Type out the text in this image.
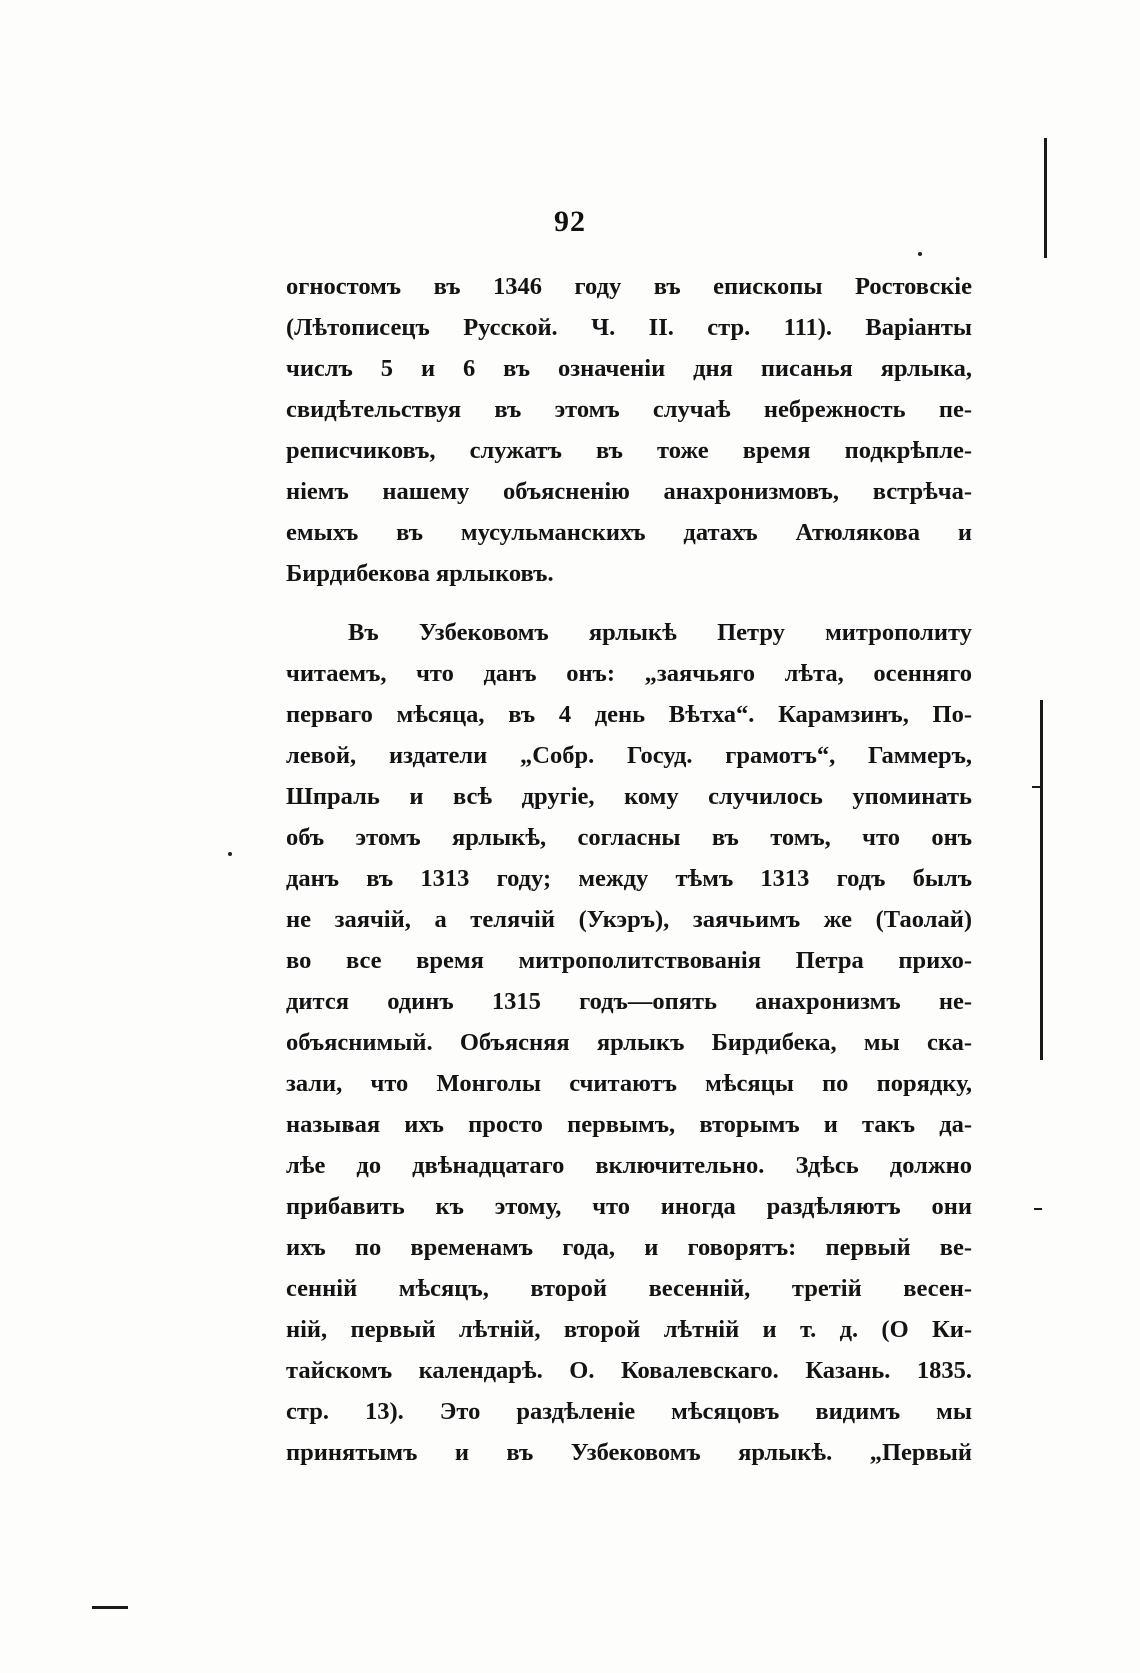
92
огностомъ въ 1346 году въ епископы Ростовскіе
(Лѣтописецъ Русской. Ч. II. стр. 111). Варіанты
числъ 5 и 6 въ означеніи дня писанья ярлыка,
свидѣтельствуя въ этомъ случаѣ небрежность пе-
реписчиковъ, служатъ въ тоже время подкрѣпле-
ніемъ нашему объясненію анахронизмовъ, встрѣча-
емыхъ въ мусульманскихъ датахъ Атюлякова и
Бирдибекова ярлыковъ.
Въ Узбековомъ ярлыкѣ Петру митрополиту
читаемъ, что данъ онъ: „заячьяго лѣта, осенняго
перваго мѣсяца, въ 4 день Вѣтха“. Карамзинъ, По-
левой, издатели „Собр. Госуд. грамотъ“, Гаммеръ,
Шпраль и всѣ другіе, кому случилось упоминать
объ этомъ ярлыкѣ, согласны въ томъ, что онъ
данъ въ 1313 году; между тѣмъ 1313 годъ былъ
не заячій, а телячій (Укэръ), заячьимъ же (Таолай)
во все время митрополитствованія Петра прихо-
дится одинъ 1315 годъ—опять анахронизмъ не-
объяснимый. Объясняя ярлыкъ Бирдибека, мы ска-
зали, что Монголы считаютъ мѣсяцы по порядку,
называя ихъ просто первымъ, вторымъ и такъ да-
лѣе до двѣнадцатаго включительно. Здѣсь должно
прибавить къ этому, что иногда раздѣляютъ они
ихъ по временамъ года, и говорятъ: первый ве-
сенній мѣсяцъ, второй весенній, третій весен-
ній, первый лѣтній, второй лѣтній и т. д. (О Ки-
тайскомъ календарѣ. О. Ковалевскаго. Казань. 1835.
стр. 13). Это раздѣленіе мѣсяцовъ видимъ мы
принятымъ и въ Узбековомъ ярлыкѣ. „Первый
